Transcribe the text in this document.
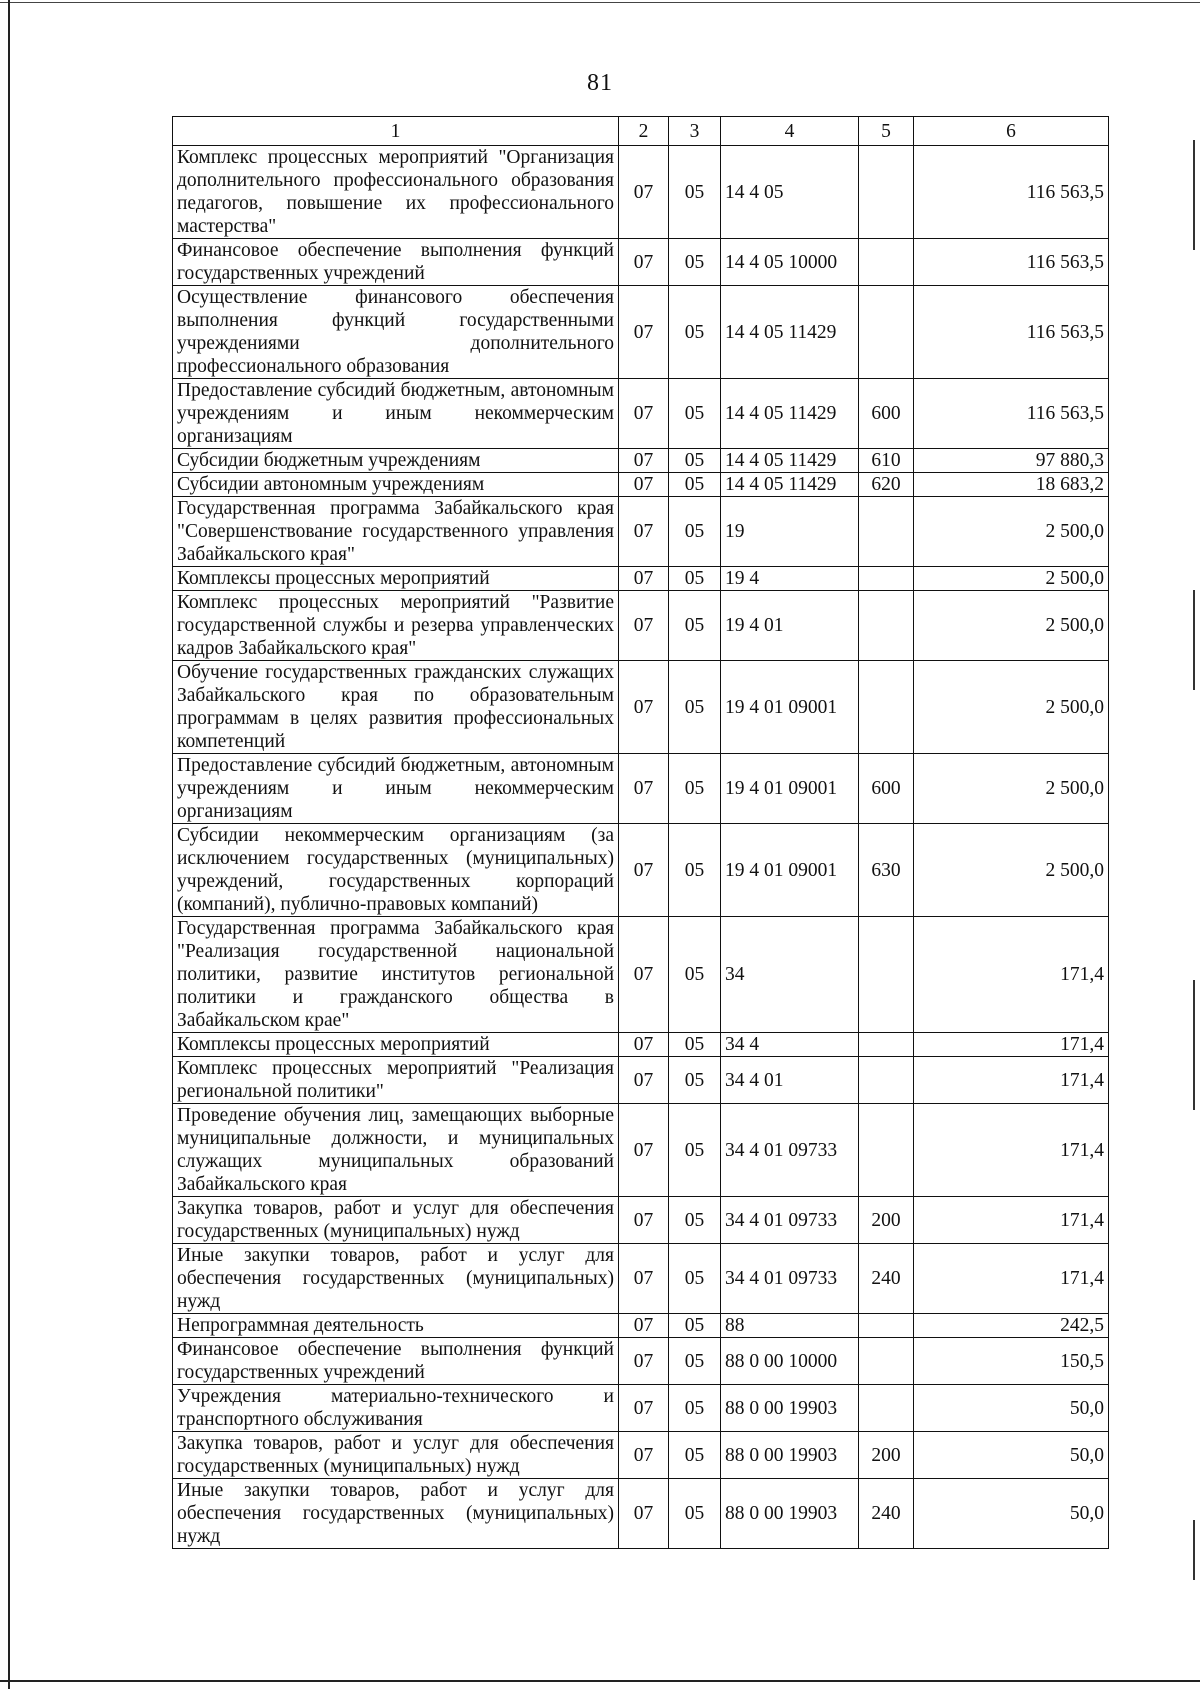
81
1	2	3	4	5	6
Комплекс процессных мероприятий "Организация дополнительного профессионального образования педагогов, повышение их профессионального мастерства"	07	05	14 4 05		116 563,5
Финансовое обеспечение выполнения функций государственных учреждений	07	05	14 4 05 10000		116 563,5
Осуществление финансового обеспечения выполнения функций государственными учреждениями дополнительного профессионального образования	07	05	14 4 05 11429		116 563,5
Предоставление субсидий бюджетным, автономным учреждениям и иным некоммерческим организациям	07	05	14 4 05 11429	600	116 563,5
Субсидии бюджетным учреждениям	07	05	14 4 05 11429	610	97 880,3
Субсидии автономным учреждениям	07	05	14 4 05 11429	620	18 683,2
Государственная программа Забайкальского края "Совершенствование государственного управления Забайкальского края"	07	05	19		2 500,0
Комплексы процессных мероприятий	07	05	19 4		2 500,0
Комплекс процессных мероприятий "Развитие государственной службы и резерва управленческих кадров Забайкальского края"	07	05	19 4 01		2 500,0
Обучение государственных гражданских служащих Забайкальского края по образовательным программам в целях развития профессиональных компетенций	07	05	19 4 01 09001		2 500,0
Предоставление субсидий бюджетным, автономным учреждениям и иным некоммерческим организациям	07	05	19 4 01 09001	600	2 500,0
Субсидии некоммерческим организациям (за исключением государственных (муниципальных) учреждений, государственных корпораций (компаний), публично-правовых компаний)	07	05	19 4 01 09001	630	2 500,0
Государственная программа Забайкальского края "Реализация государственной национальной политики, развитие институтов региональной политики и гражданского общества в Забайкальском крае"	07	05	34		171,4
Комплексы процессных мероприятий	07	05	34 4		171,4
Комплекс процессных мероприятий "Реализация региональной политики"	07	05	34 4 01		171,4
Проведение обучения лиц, замещающих выборные муниципальные должности, и муниципальных служащих муниципальных образований Забайкальского края	07	05	34 4 01 09733		171,4
Закупка товаров, работ и услуг для обеспечения государственных (муниципальных) нужд	07	05	34 4 01 09733	200	171,4
Иные закупки товаров, работ и услуг для обеспечения государственных (муниципальных) нужд	07	05	34 4 01 09733	240	171,4
Непрограммная деятельность	07	05	88		242,5
Финансовое обеспечение выполнения функций государственных учреждений	07	05	88 0 00 10000		150,5
Учреждения материально-технического и транспортного обслуживания	07	05	88 0 00 19903		50,0
Закупка товаров, работ и услуг для обеспечения государственных (муниципальных) нужд	07	05	88 0 00 19903	200	50,0
Иные закупки товаров, работ и услуг для обеспечения государственных (муниципальных) нужд	07	05	88 0 00 19903	240	50,0
